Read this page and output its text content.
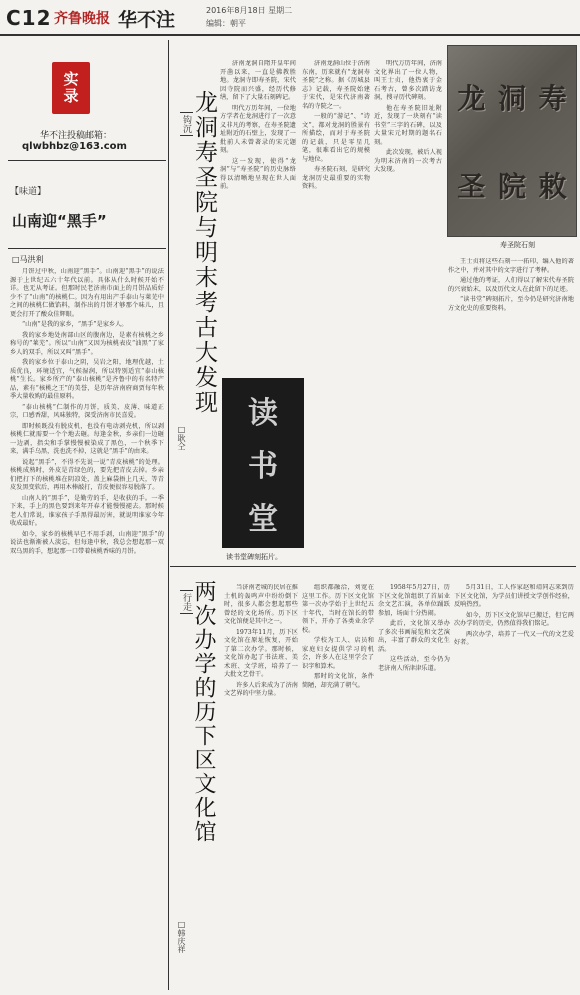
C12 齐鲁晚报 华不注	2016年8月18日 星期二
编辑：朝平
实
录
华不注投稿邮箱：
qlwbhbz@163.com
【味道】
山南迎“黑手”
□马洪利

月饼过中秋，山南迎“黑手”。山南迎“黑手”的说法源于上世纪五六十年代以前。具体从什么时候开始不详。也无从考证。但那时民老济南市面上的月饼品质好少不了“山南”的核桃仁。因为有用出产手泰山与莱芜中之间的核桃仁做馅料，制作出的月饼才够那个味儿，且更会打开了酸众佳辉眼。

“山南”是我的家乡，“黑手”是家乡人。

我的家乡地处南部山区的腹南边，是素有核桃之乡称号的“莱芜”。所以“山南”又因为核桃表皮“油黑”了家乡人的双手，所以又叫“黑手”。

我的家乡位于泰山之阴，吴岩之阳，地理优越，土质优良，环境适宜，气候湿润，所以特别适宜“泰山核桃”生长。家乡所产的“泰山核桃”是齐鲁中的有名特产品，素有“核桃之王”的美誉，是历年济南府商贾每年秋季大量收购的最佳原料。

“泰山核桃”仁制作的月饼，质美、皮薄、味道正宗，口感香甜，风味独特，深受济南市民喜爱。

即时候既没有脱皮机，也没有电动剥壳机，所以剥核桃仁就需要一个个地去砸。每逢金秋，乡亲们一边砸一边剥，指尖和手掌慢慢被染成了黑色，一个秋季下来，满手乌黑，洗也洗不掉，这就是“黑手”的由来。

说起“黑手”，不得不先说一说“青皮核桃”的处理。核桃成熟时，外皮是青绿色的，要先把青皮去掉。乡亲们把打下的核桃堆在阴凉处，盖上麻袋捂上几天，等青皮发黑变软后，再用木棒敲打，青皮便很容易脱落了。

山南人的“黑手”，是勤劳的手，是收获的手。一季下来，手上的黑色要到来年开春才能慢慢褪去。那时候老人们常说，谁家孩子手黑得最厉害，就说明谁家今年收成最好。

如今，家乡的核桃早已不用手剥，山南迎“黑手”的说法也渐渐被人淡忘，但每逢中秋，我总会想起那一双双乌黑的手，想起那一口带着核桃香味的月饼。

钩沉 龙洞寿圣院与明末考古大发现
□耿仝

济南龙洞自隋开皇年间开凿以来，一直是佛教胜地。龙洞寺即寿圣院，宋代因寺院而兴盛，经历代修缮，留下了大量石刻碑记。

明代万历年间，一位地方学者在龙洞进行了一次意义非凡的考察，在寿圣院遗址附近的石壁上，发现了一批前人未曾著录的宋元题刻。

这一发现，使得“龙洞”与“寿圣院”的历史脉络得以清晰地呈现在世人面前。

济南龙洞山位于济南东南，历来就有“龙洞寿圣院”之称。据《历城县志》记载，寿圣院始建于宋代，是宋代济南著名的寺院之一。

一般的“游记”、“诗文”，都对龙洞的胜景有所描绘，而对于寿圣院的记载，只是零星几笔，很难看出它的规模与地位。

寿圣院石刻，是研究龙洞历史最重要的实物资料。

明代万历年间，济南文化界出了一位人物，叫王士贞，他热衷于金石考古，曾多次踏访龙洞，搜寻历代碑刻。

他在寿圣院旧址附近，发现了一块刻有“读书堂”三字的石碑，以及大量宋元时期的题名石刻。

此次发现，被后人视为明末济南的一次考古大发现。

王士贞将这些石刻一一拓印，编入他的著作之中，并对其中的文字进行了考释。

通过他的考证，人们得以了解宋代寿圣院的兴衰始末，以及历代文人在此留下的足迹。

“读书堂”碑刻拓片，至今仍是研究济南地方文化史的重要资料。

读
书
堂
读书堂碑刻拓片。
龙 洞 寿
圣 院 敕
寿圣院石刻
行走 两次办学的历下区文化馆
□韩庆祥

当济南老城的民居在推土机的轰鸣声中纷纷倒下时，很多人都会想起那些曾经的文化场所。历下区文化馆便是其中之一。

1973年11月，历下区文化馆在原址恢复，开始了第二次办学。那时候，文化馆办起了书法班、美术班、文学班，培养了一大批文艺骨干。

许多人后来成为了济南文艺界的中坚力量。

组织都融洽，刘宽在这里工作。历下区文化馆第一次办学始于上世纪五十年代，当时在馆长的带领下，开办了各类业余学校。

学校为工人、店员和家庭妇女提供学习的机会，许多人在这里学会了识字和算术。

那时的文化馆，条件简陋，却充满了朝气。

1958年5月27日，历下区文化馆组织了首届业余文艺汇演，各单位踊跃参加，场面十分热闹。

此后，文化馆又举办了多次书画展览和文艺演出，丰富了群众的文化生活。

这些活动，至今仍为老济南人所津津乐道。

5月31日，工人作家赵和靖同志来到历下区文化馆，为学员们讲授文学创作经验，反响热烈。

如今，历下区文化馆早已搬迁，但它两次办学的历史，仍然值得我们铭记。

两次办学，培养了一代又一代的文艺爱好者。
